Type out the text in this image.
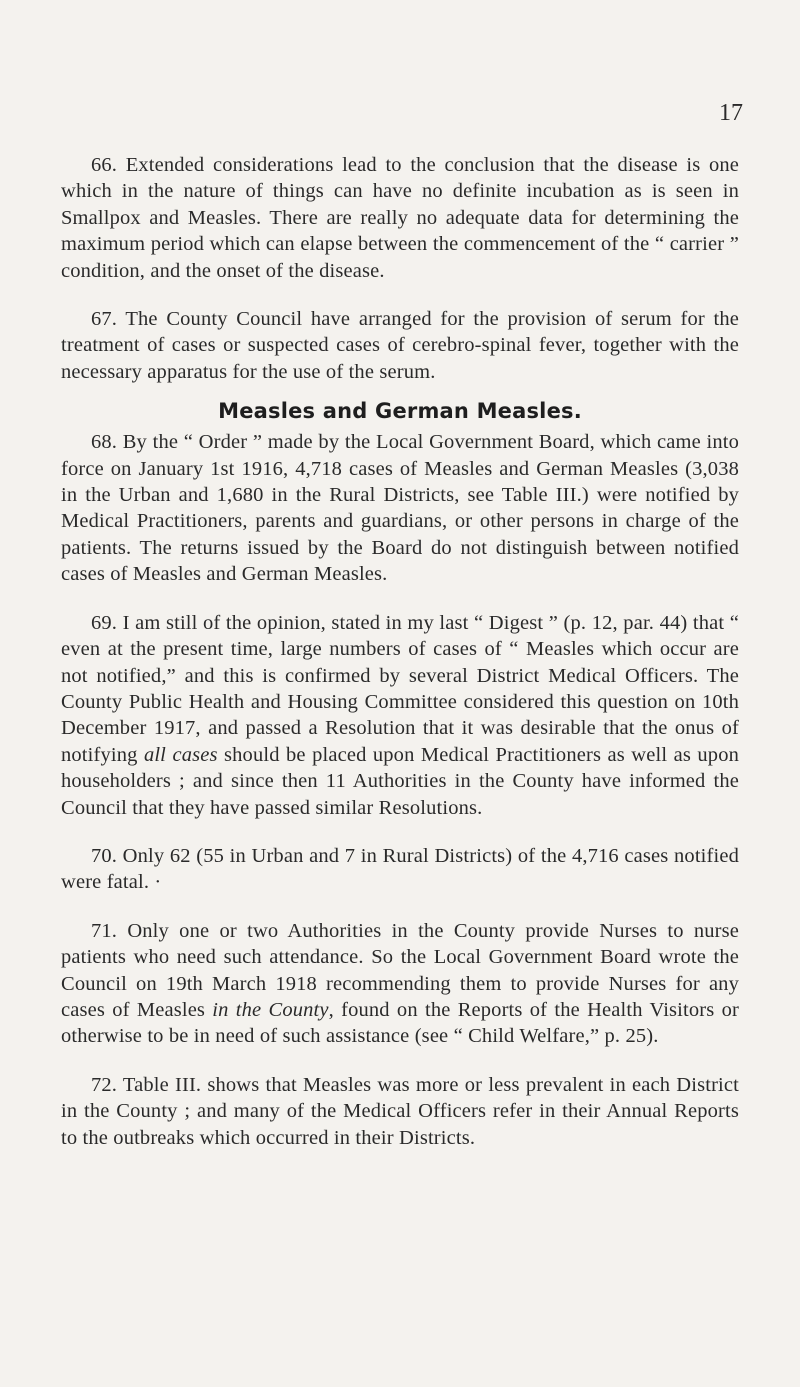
17

66. Extended considerations lead to the conclusion that the disease is one which in the nature of things can have no definite incubation as is seen in Smallpox and Measles. There are really no adequate data for determining the maximum period which can elapse between the commencement of the “ carrier ” condition, and the onset of the disease.

67. The County Council have arranged for the provision of serum for the treatment of cases or suspected cases of cerebro-spinal fever, together with the necessary apparatus for the use of the serum.

Measles and German Measles.

68. By the “ Order ” made by the Local Government Board, which came into force on January 1st 1916, 4,718 cases of Measles and German Measles (3,038 in the Urban and 1,680 in the Rural Districts, see Table III.) were notified by Medical Practitioners, parents and guardians, or other persons in charge of the patients. The returns issued by the Board do not distinguish between notified cases of Measles and German Measles.

69. I am still of the opinion, stated in my last “ Digest ” (p. 12, par. 44) that “ even at the present time, large numbers of cases of “ Measles which occur are not notified,” and this is confirmed by several District Medical Officers. The County Public Health and Housing Committee considered this question on 10th December 1917, and passed a Resolution that it was desirable that the onus of notifying all cases should be placed upon Medical Practitioners as well as upon householders ; and since then 11 Authorities in the County have informed the Council that they have passed similar Resolutions.

70. Only 62 (55 in Urban and 7 in Rural Districts) of the 4,716 cases notified were fatal. ·

71. Only one or two Authorities in the County provide Nurses to nurse patients who need such attendance. So the Local Government Board wrote the Council on 19th March 1918 recommending them to provide Nurses for any cases of Measles in the County, found on the Reports of the Health Visitors or otherwise to be in need of such assistance (see “ Child Welfare,” p. 25).

72. Table III. shows that Measles was more or less prevalent in each District in the County ; and many of the Medical Officers refer in their Annual Reports to the outbreaks which occurred in their Districts.
